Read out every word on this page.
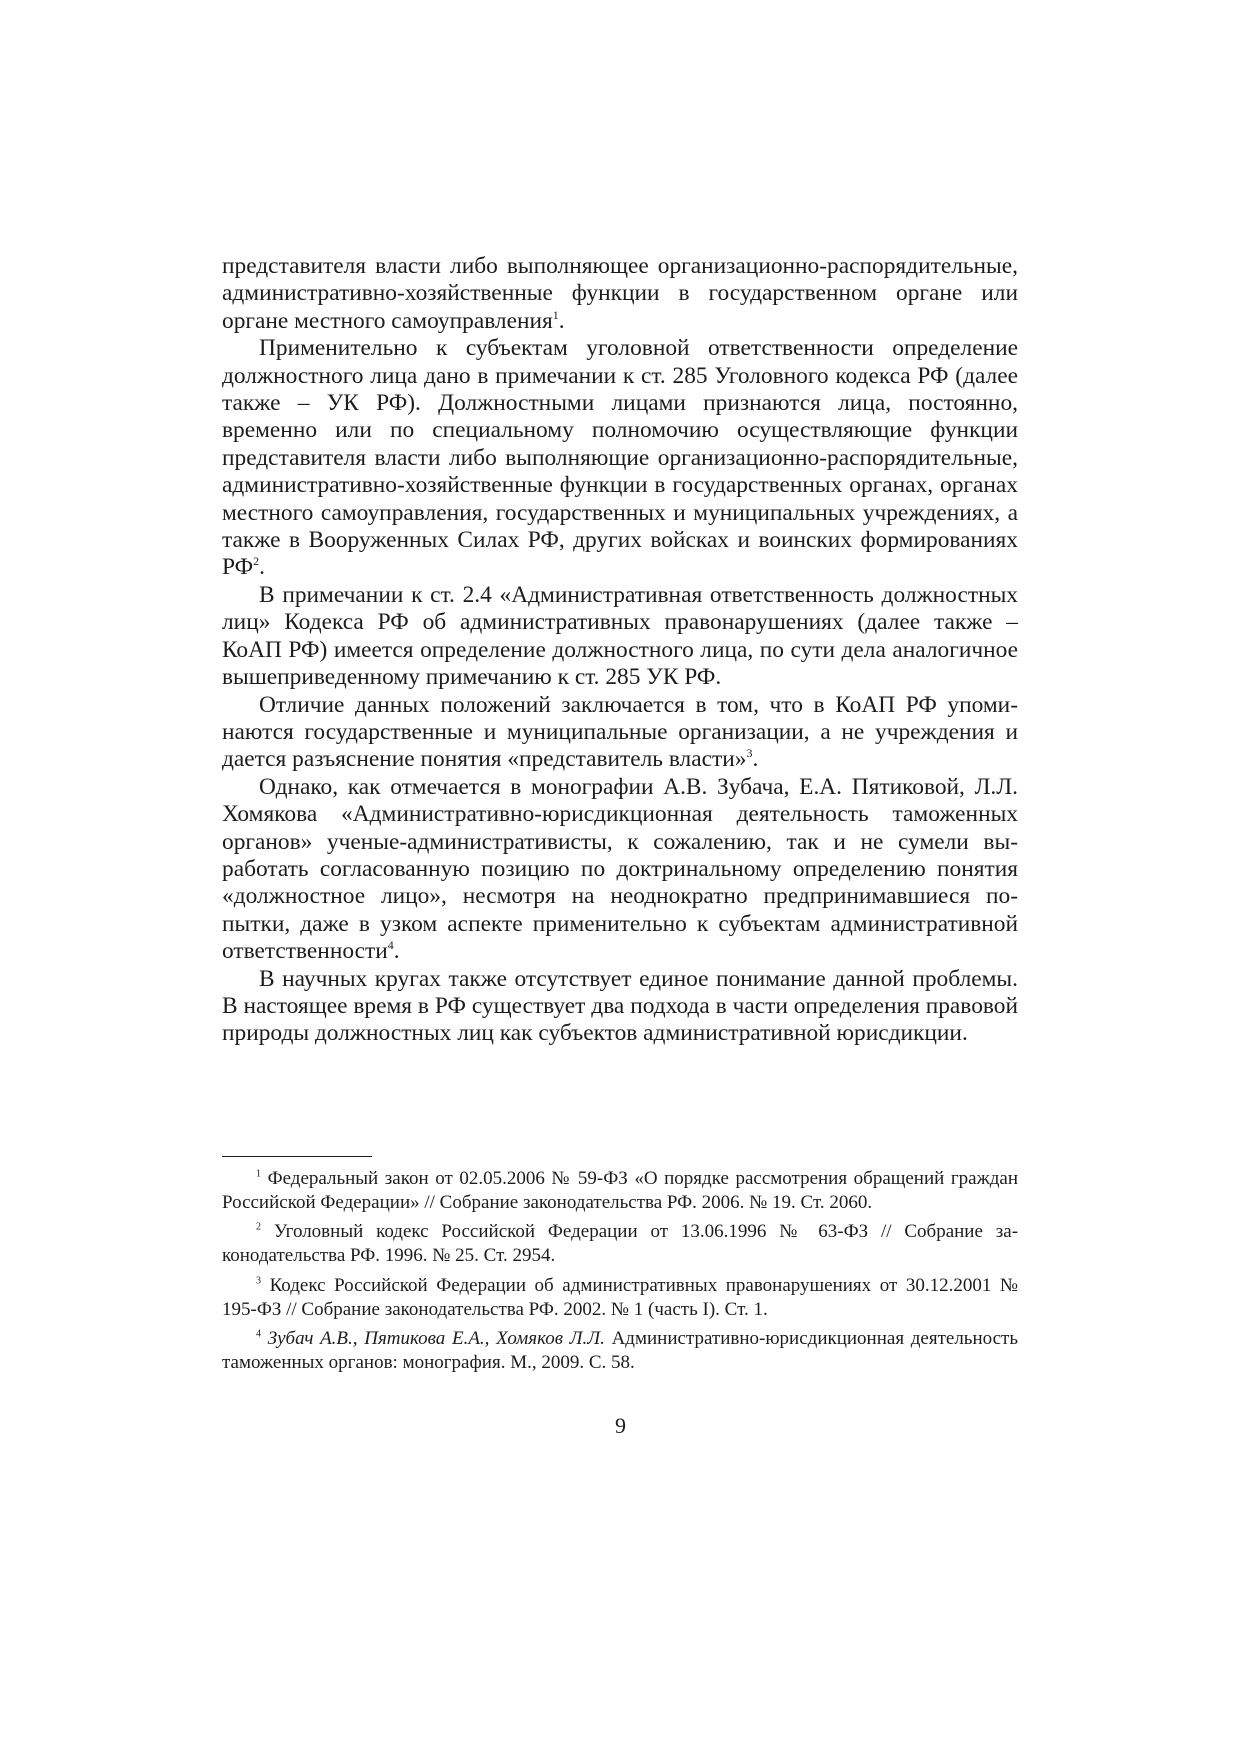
представителя власти либо выполняющее организационно-распорядительные, административно-хозяйственные функции в государственном органе или органе местного самоуправления$^1$.

Применительно к субъектам уголовной ответственности определение должностного лица дано в примечании к ст. 285 Уголовного кодекса РФ (далее также – УК РФ). Должностными лицами признаются лица, постоянно, временно или по специальному полномочию осуществляющие функции представителя власти либо выполняющие организационно-распорядительные, административно-хозяйственные функции в государственных органах, органах местного самоуправления, государственных и муниципальных учреждениях, а также в Вооруженных Силах РФ, других войсках и воинских формированиях $РФ^2$.

В примечании к ст. 2.4 «Административная ответственность должностных лиц» Кодекса РФ об административных правонарушениях (далее также – КоАП РФ) имеется определение должностного лица, по сути дела аналогичное вышеприведенному примечанию к ст. 285 УК РФ.

Отличие данных положений заключается в том, что в КоАП РФ упоминаются государственные и муниципальные организации, а не учреждения и дается разъяснение понятия «представитель власти»$^3$.

Однако, как отмечается в монографии А.В. Зубача, Е.А. Пятиковой, Л.Л. Хомякова «Административно-юрисдикционная деятельность таможенных органов» ученые-административисты, к сожалению, так и не сумели выработать согласованную позицию по доктринальному определению понятия «должностное лицо», несмотря на неоднократно предпринимавшиеся попытки, даже в узком аспекте применительно к субъектам административной ответственности$^4$.

В научных кругах также отсутствует единое понимание данной проблемы. В настоящее время в РФ существует два подхода в части определения правовой природы должностных лиц как субъектов административной юрисдикции.

$^1$ Федеральный закон от 02.05.2006 № 59-ФЗ «О порядке рассмотрения обращений граждан Российской Федерации» // Собрание законодательства РФ. 2006. № 19. Ст. 2060.

$^2$ Уголовный кодекс Российской Федерации от 13.06.1996 № 63-ФЗ // Собрание законодательства РФ. 1996. № 25. Ст. 2954.

$^3$ Кодекс Российской Федерации об административных правонарушениях от 30.12.2001 № 195-ФЗ // Собрание законодательства РФ. 2002. № 1 (часть I). Ст. 1.

$^4$ Зубач А.В., Пятикова Е.А., Хомяков Л.Л. Административно-юрисдикционная деятельность таможенных органов: монография. М., 2009. С. 58.

9
